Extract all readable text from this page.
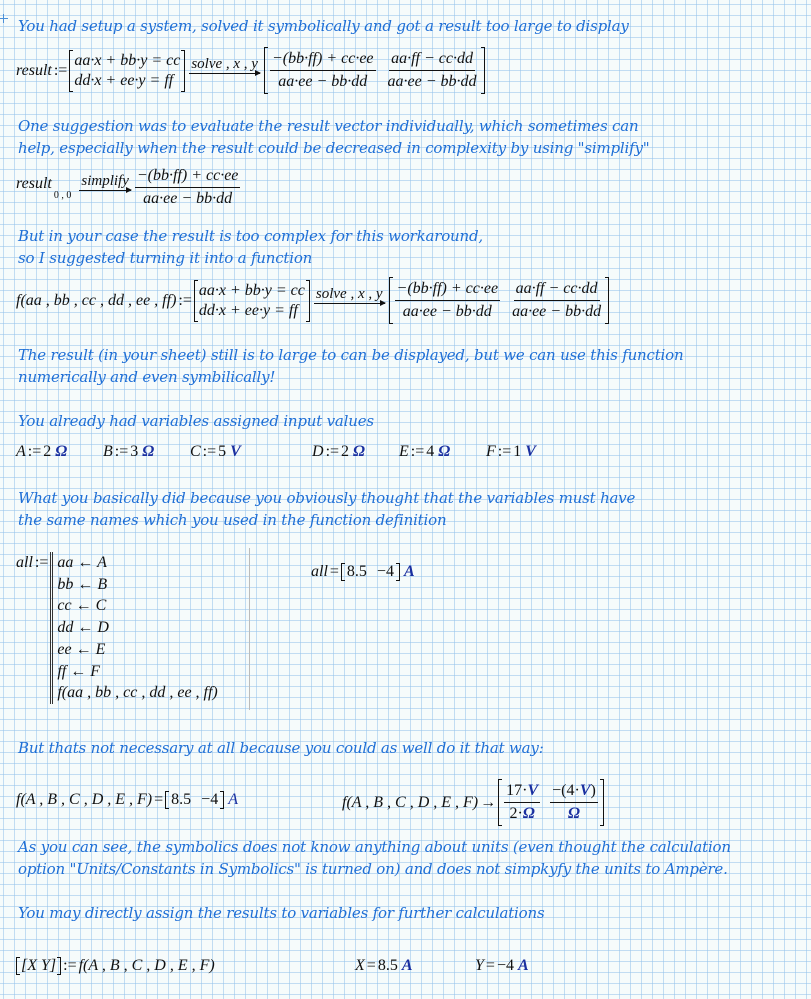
You had setup a system, solved it symbolically and got a result too large to display
result :=
aa·x + bb·y = cc
dd·x + ee·y = ff
solve , x , y $\frac{-(bb\cdot ff) + cc\cdot ee}{aa\cdot ee - bb\cdot dd} \frac{aa\cdot ff - cc\cdot dd}{aa\cdot ee - bb\cdot dd}$
One suggestion was to evaluate the result vector individually, which sometimes can
help, especially when the result could be decreased in complexity by using "simplify"
result$_{0 , 0}$
simplify $\frac{-(bb\cdot ff) + cc\cdot ee}{aa\cdot ee - bb\cdot dd}$
But in your case the result is too complex for this workaround,
so I suggested turning it into a function
f(aa , bb , cc , dd , ee , ff) :=
aa·x + bb·y = cc
dd·x + ee·y = ff
solve , x , y $\frac{-(bb\cdot ff) + cc\cdot ee}{aa\cdot ee - bb\cdot dd} \frac{aa\cdot ff - cc\cdot dd}{aa\cdot ee - bb\cdot dd}$
The result (in your sheet) still is to large to can be displayed, but we can use this function
numerically and even symbilically!
You already had variables assigned input values
A := 2
Ω B := 3
Ω C := 5
V	D := 2
Ω E := 4
Ω F := 1
V
What you basically did because you obviously thought that the variables must have
the same names which you used in the function definition
all := aa ← A
bb ← B
cc ← C
dd ← D
ee ← E
ff ← F
f(aa , bb , cc , dd , ee , ff)
all = 8.5 −4
A
But thats not necessary at all because you could as well do it that way:
f(A , B , C , D , E , F) = 8.5 −4
A	f(A , B , C , D , E , $F) \to \frac{17\cdot V}{2\cdot\Omega} \frac{-(4\cdot V)}{\Omega}$
As you can see, the symbolics does not know anything about units (even thought the calculation
option "Units/Constants in Symbolics" is turned on) and does not simpkyfy the units to Ampère.
You may directly assign the results to variables for further calculations
[X Y] := f(A , B , C , D , E , F)	X = 8.5
A	Y = −4
A
